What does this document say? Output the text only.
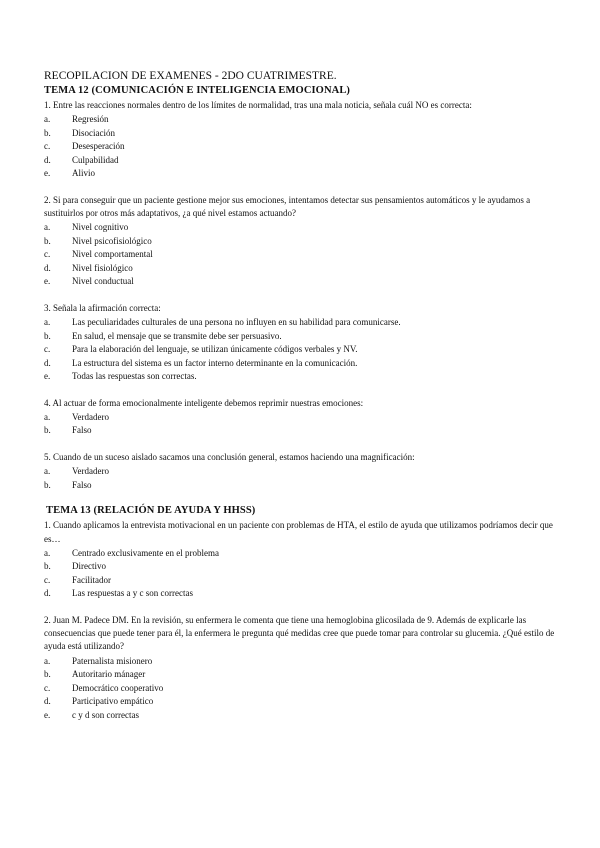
RECOPILACION DE EXAMENES - 2DO CUATRIMESTRE.
TEMA 12 (COMUNICACIÓN E INTELIGENCIA EMOCIONAL)

1. Entre las reacciones normales dentro de los límites de normalidad, tras una mala noticia, señala cuál NO es correcta:

a.	Regresión
b.	Disociación
c.	Desesperación
d.	Culpabilidad
e.	Alivio

2. Si para conseguir que un paciente gestione mejor sus emociones, intentamos detectar sus pensamientos automáticos y le ayudamos a sustituirlos por otros más adaptativos, ¿a qué nivel estamos actuando?

a.	Nivel cognitivo
b.	Nivel psicofisiológico
c.	Nivel comportamental
d.	Nivel fisiológico
e.	Nivel conductual

3. Señala la afirmación correcta:

a.	Las peculiaridades culturales de una persona no influyen en su habilidad para comunicarse.
b.	En salud, el mensaje que se transmite debe ser persuasivo.
c.	Para la elaboración del lenguaje, se utilizan únicamente códigos verbales y NV.
d.	La estructura del sistema es un factor interno determinante en la comunicación.
e.	Todas las respuestas son correctas.

4. Al actuar de forma emocionalmente inteligente debemos reprimir nuestras emociones:

a.	Verdadero
b.	Falso

5. Cuando de un suceso aislado sacamos una conclusión general, estamos haciendo una magnificación:

a.	Verdadero
b.	Falso
TEMA 13 (RELACIÓN DE AYUDA Y HHSS)

1. Cuando aplicamos la entrevista motivacional en un paciente con problemas de HTA, el estilo de ayuda que utilizamos podríamos decir que es…

a.	Centrado exclusivamente en el problema
b.	Directivo
c.	Facilitador
d.	Las respuestas a y c son correctas

2. Juan M. Padece DM. En la revisión, su enfermera le comenta que tiene una hemoglobina glicosilada de 9. Además de explicarle las consecuencias que puede tener para él, la enfermera le pregunta qué medidas cree que puede tomar para controlar su glucemia. ¿Qué estilo de ayuda está utilizando?

a.	Paternalista misionero
b.	Autoritario mánager
c.	Democrático cooperativo
d.	Participativo empático
e.	c y d son correctas
